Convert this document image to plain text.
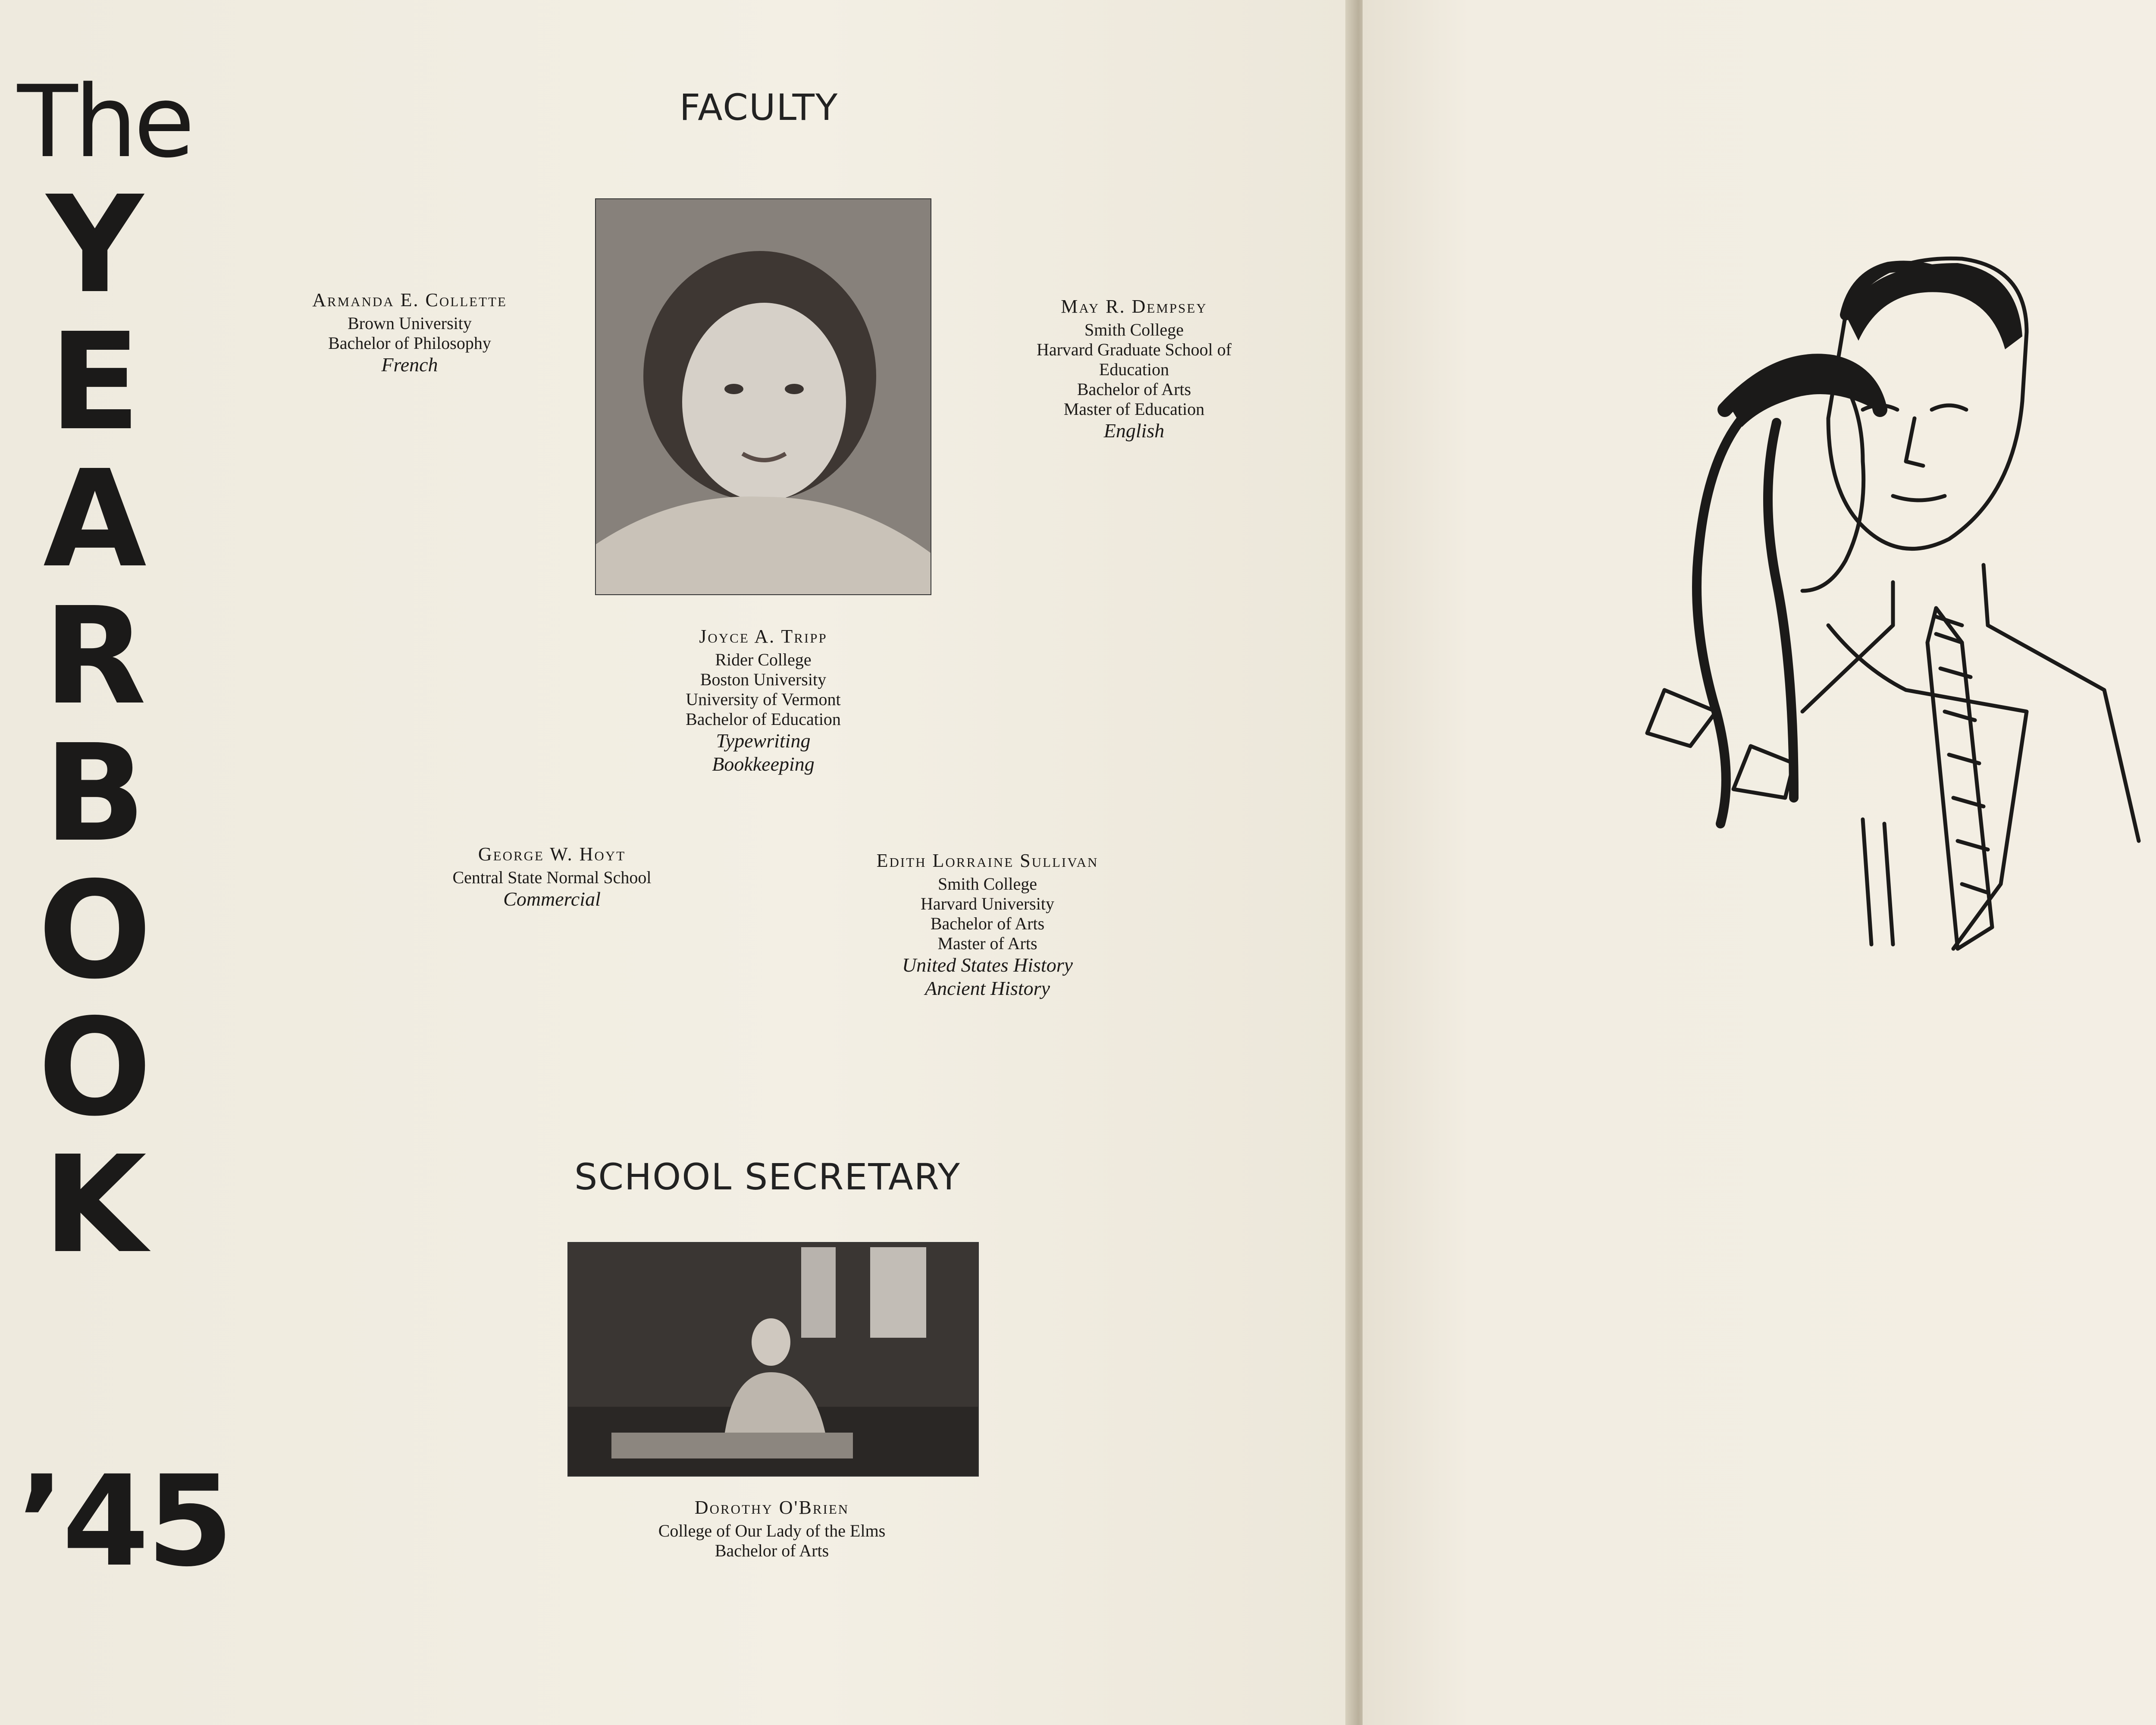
The
Y
E
A
R
B
O
O
K
’45
FACULTY
Armanda E. Collette
Brown University
Bachelor of Philosophy
French
May R. Dempsey
Smith College
Harvard Graduate School of
Education
Bachelor of Arts
Master of Education
English
Joyce A. Tripp
Rider College
Boston University
University of Vermont
Bachelor of Education
Typewriting
Bookkeeping
George W. Hoyt
Central State Normal School
Commercial
Edith Lorraine Sullivan
Smith College
Harvard University
Bachelor of Arts
Master of Arts
United States History
Ancient History
SCHOOL SECRETARY
Dorothy O'Brien
College of Our Lady of the Elms
Bachelor of Arts
